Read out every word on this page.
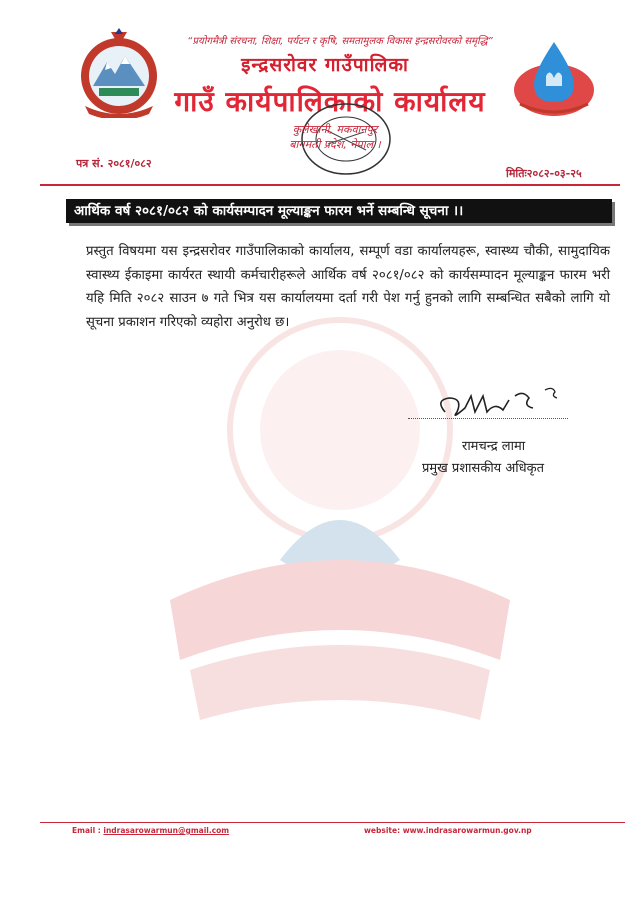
“प्रयोगमैत्री संरचना, शिक्षा, पर्यटन र कृषि, समतामुलक विकास इन्द्रसरोवरको समृद्धि”
इन्द्रसरोवर गाउँपालिका
गाउँ कार्यपालिकाको कार्यालय
कुलेखानी, मकवानपुर
बागमती प्रदेश, नेपाल ।
पत्र सं. २०८१/०८२
मितिः२०८२-०३-२५
आर्थिक वर्ष २०८१/०८२ को कार्यसम्पादन मूल्याङ्कन फारम भर्ने सम्बन्धि सूचना ।।
प्रस्तुत विषयमा यस इन्द्रसरोवर गाउँपालिकाको कार्यालय, सम्पूर्ण वडा कार्यालयहरू, स्वास्थ्य चौकी, सामुदायिक स्वास्थ्य ईकाइमा कार्यरत स्थायी कर्मचारीहरूले आर्थिक वर्ष २०८१/०८२ को कार्यसम्पादन मूल्याङ्कन फारम भरी यहि मिति २०८२ साउन ७ गते भित्र यस कार्यालयमा दर्ता गरी पेश गर्नु हुनको लागि सम्बन्धित सबैको लागि यो सूचना प्रकाशन गरिएको व्यहोरा अनुरोध छ।
रामचन्द्र लामा
प्रमुख प्रशासकीय अधिकृत
Email : indrasarowarmun@gmail.com	website: www.indrasarowarmun.gov.np
